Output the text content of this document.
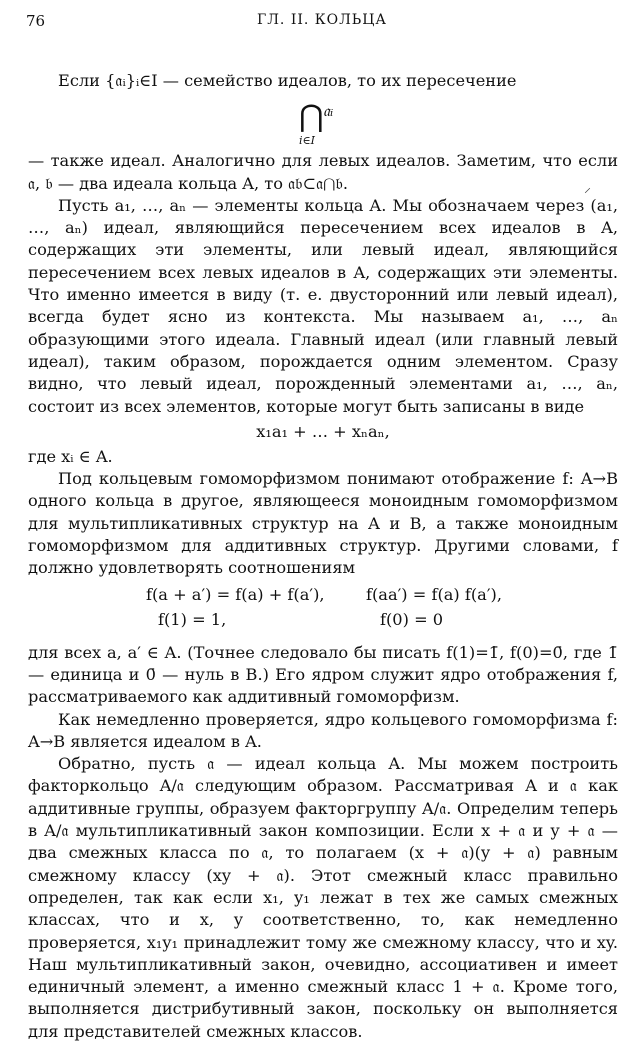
76	ГЛ. II. КОЛЬЦА

Если {𝔞ᵢ}ᵢ∈I — семейство идеалов, то их пересечение

⋂ 𝔞ᵢ
i∈I

— также идеал. Аналогично для левых идеалов. Заметим, что если 𝔞, 𝔟 — два идеала кольца A, то 𝔞𝔟⊂𝔞⋂𝔟.

Пусть a₁, …, aₙ — элементы кольца A. Мы обозначаем через (a₁, …, aₙ) идеал, являющийся пересечением всех идеалов в A, содержащих эти элементы, или левый идеал, являющийся пересечением всех левых идеалов в A, содержащих эти элементы. Что именно имеется в виду (т. е. двусторонний или левый идеал), всегда будет ясно из контекста. Мы называем a₁, …, aₙ образующими этого идеала. Главный идеал (или главный левый идеал), таким образом, порождается одним элементом. Сразу видно, что левый идеал, порожденный элементами a₁, …, aₙ, состоит из всех элементов, которые могут быть записаны в виде

x₁a₁ + … + xₙaₙ,

где xᵢ ∈ A.

Под кольцевым гомоморфизмом понимают отображение f: A→B одного кольца в другое, являющееся моноидным гомоморфизмом для мультипликативных структур на A и B, а также моноидным гомоморфизмом для аддитивных структур. Другими словами, f должно удовлетворять соотношениям

f(a + a′) = f(a) + f(a′),	f(aa′) = f(a) f(a′),
f(1) = 1,	f(0) = 0

для всех a, a′ ∈ A. (Точнее следовало бы писать f(1)=1̄, f(0)=0̄, где 1̄ — единица и 0̄ — нуль в B.) Его ядром служит ядро отображения f, рассматриваемого как аддитивный гомоморфизм.

Как немедленно проверяется, ядро кольцевого гомоморфизма f: A→B является идеалом в A.

Обратно, пусть 𝔞 — идеал кольца A. Мы можем построить факторкольцо A/𝔞 следующим образом. Рассматривая A и 𝔞 как аддитивные группы, образуем факторгруппу A/𝔞. Определим теперь в A/𝔞 мультипликативный закон композиции. Если x + 𝔞 и y + 𝔞 — два смежных класса по 𝔞, то полагаем (x + 𝔞)(y + 𝔞) равным смежному классу (xy + 𝔞). Этот смежный класс правильно определен, так как если x₁, y₁ лежат в тех же самых смежных классах, что и x, y соответственно, то, как немедленно проверяется, x₁y₁ принадлежит тому же смежному классу, что и xy. Наш мультипликативный закон, очевидно, ассоциативен и имеет единичный элемент, а именно смежный класс 1 + 𝔞. Кроме того, выполняется дистрибутивный закон, поскольку он выполняется для представителей смежных классов.

⸝
